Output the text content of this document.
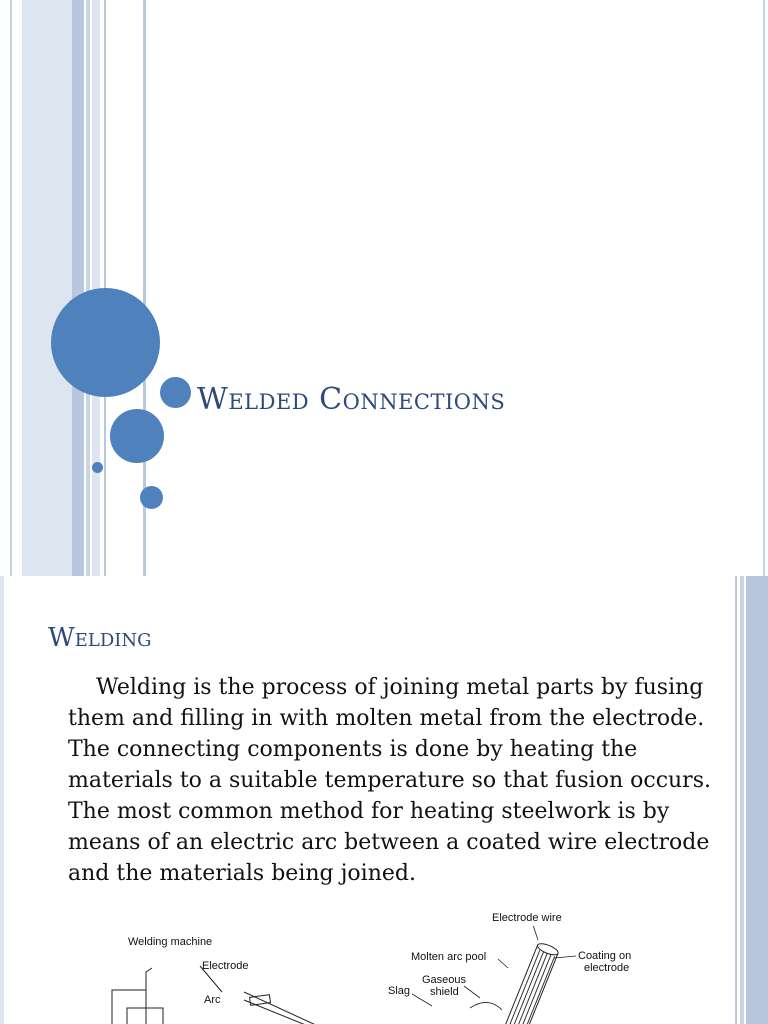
Welded Connections
Welding

Welding is the process of joining metal parts by fusing them and filling in with molten metal from the electrode. The connecting components is done by heating the materials to a suitable temperature so that fusion occurs. The most common method for heating steelwork is by means of an electric arc between a coated wire electrode and the materials being joined.

Electrode wire
Welding machine
Molten arc pool	Coating on
electrode
Electrode
Gaseous
shield
Slag
Arc
